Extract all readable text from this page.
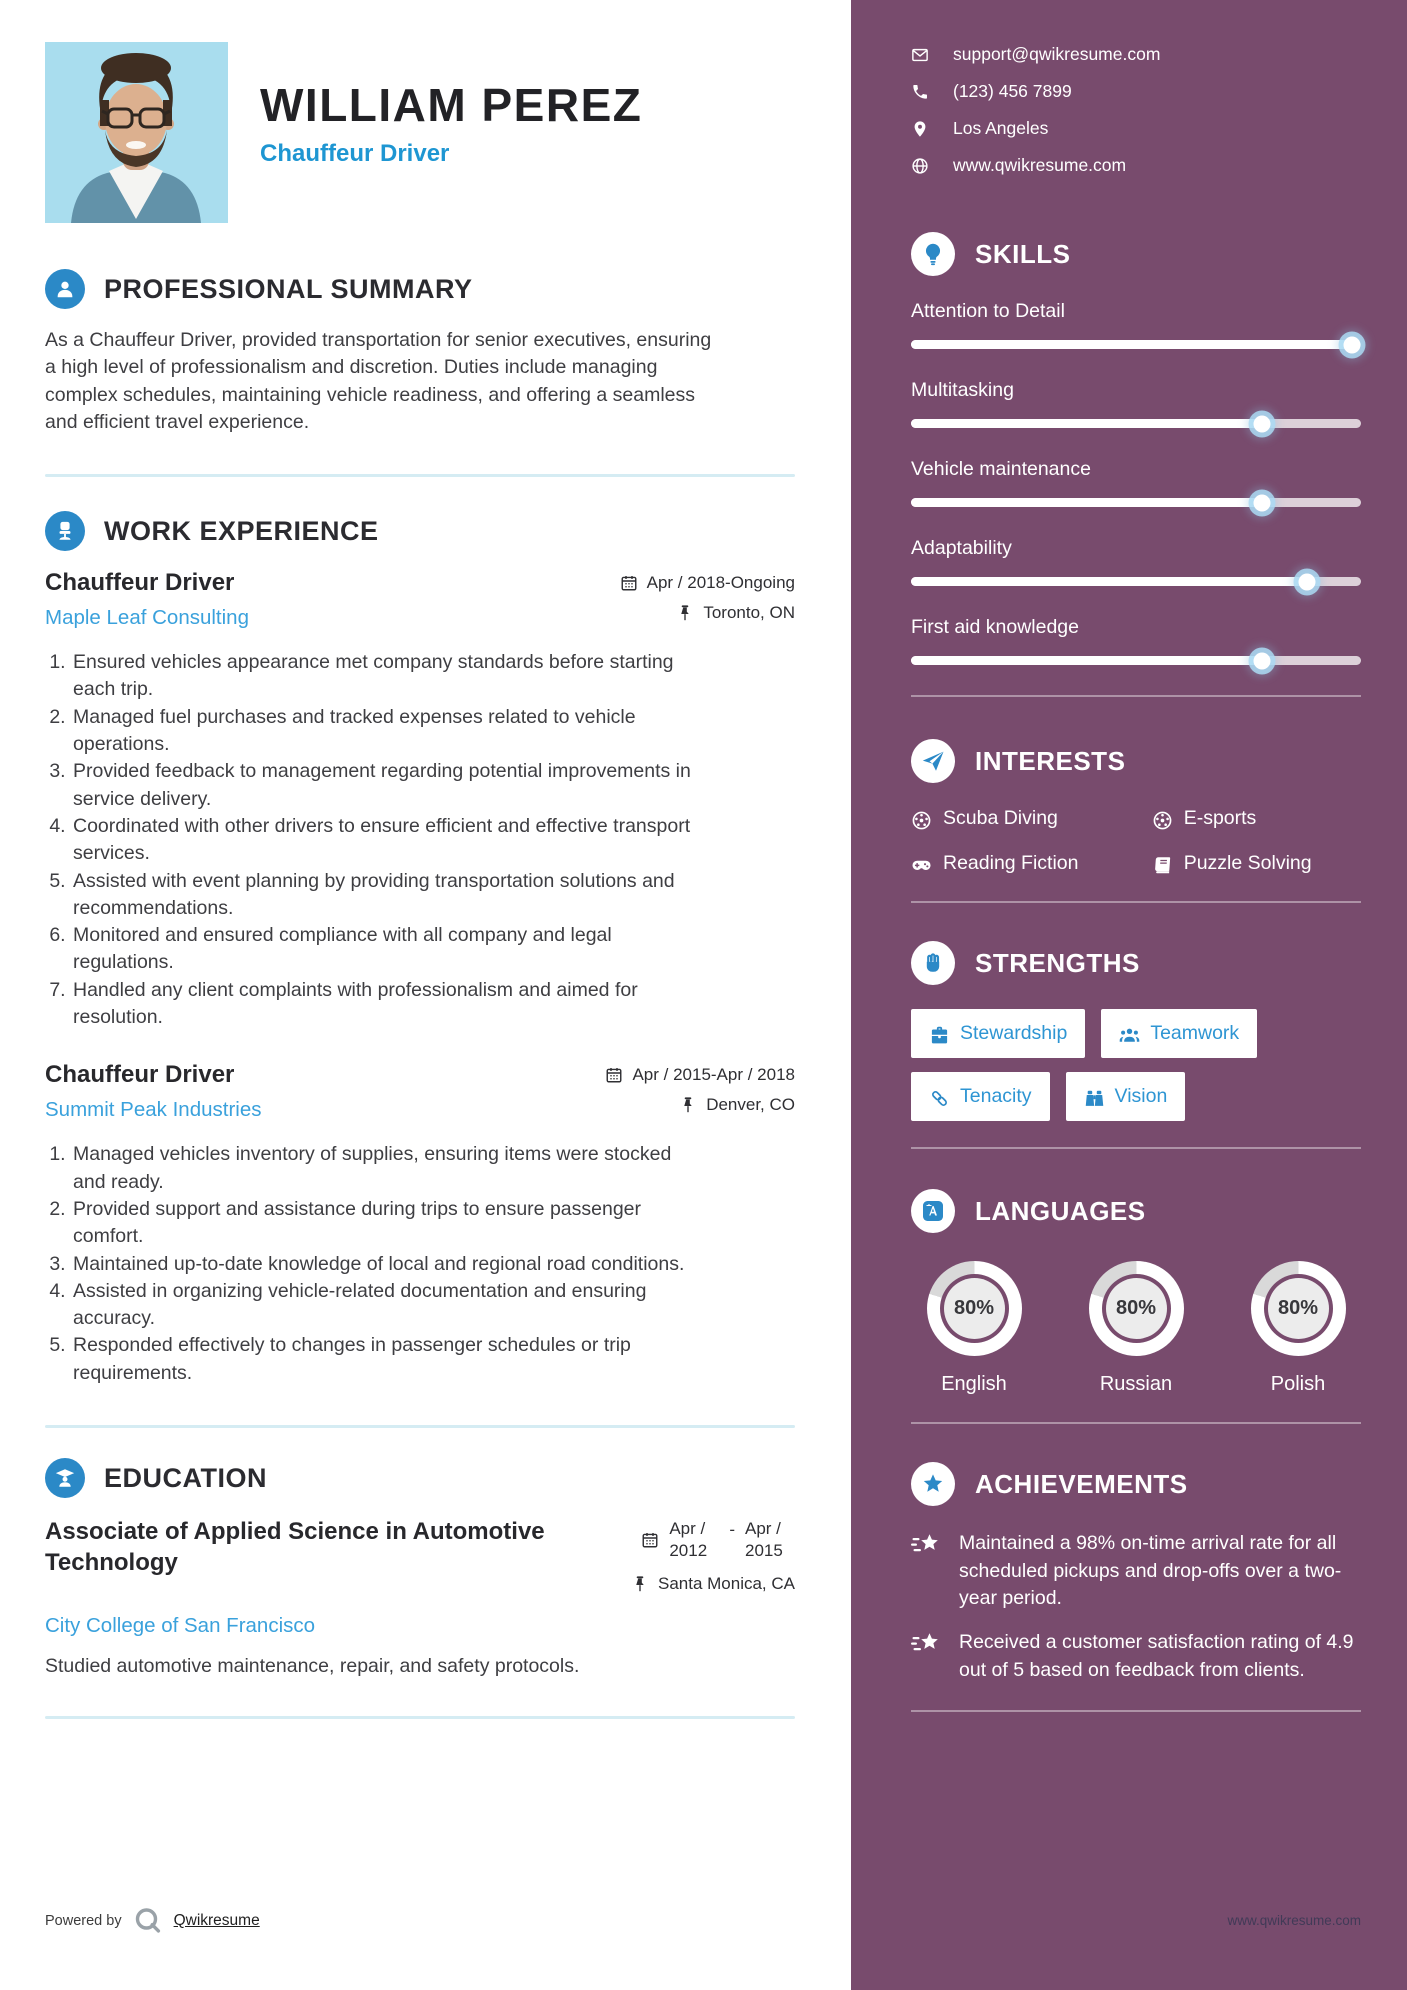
WILLIAM PEREZ
Chauffeur Driver
PROFESSIONAL SUMMARY

As a Chauffeur Driver, provided transportation for senior executives, ensuring a high level of professionalism and discretion. Duties include managing complex schedules, maintaining vehicle readiness, and offering a seamless and efficient travel experience.

WORK EXPERIENCE
Chauffeur Driver
Maple Leaf Consulting
Apr / 2018-Ongoing
Toronto, ON
1. Ensured vehicles appearance met company standards before starting each trip.
2. Managed fuel purchases and tracked expenses related to vehicle operations.
3. Provided feedback to management regarding potential improvements in service delivery.
4. Coordinated with other drivers to ensure efficient and effective transport services.
5. Assisted with event planning by providing transportation solutions and recommendations.
6. Monitored and ensured compliance with all company and legal regulations.
7. Handled any client complaints with professionalism and aimed for resolution.
Chauffeur Driver
Summit Peak Industries
Apr / 2015-Apr / 2018
Denver, CO
1. Managed vehicles inventory of supplies, ensuring items were stocked and ready.
2. Provided support and assistance during trips to ensure passenger comfort.
3. Maintained up-to-date knowledge of local and regional road conditions.
4. Assisted in organizing vehicle-related documentation and ensuring accuracy.
5. Responded effectively to changes in passenger schedules or trip requirements.
EDUCATION
Associate of Applied Science in Automotive Technology
Apr / 2012
- Apr / 2015
Santa Monica, CA
City College of San Francisco
Studied automotive maintenance, repair, and safety protocols.
Powered by	Qwikresume
support@qwikresume.com
(123) 456 7899
Los Angeles
www.qwikresume.com
SKILLS
Attention to Detail
Multitasking
Vehicle maintenance
Adaptability
First aid knowledge
INTERESTS
Scuba Diving	E-sports
Reading Fiction	Puzzle Solving
STRENGTHS
Stewardship	Teamwork
Tenacity	Vision
LANGUAGES
80%
English
80%
Russian
80%
Polish
ACHIEVEMENTS

Maintained a 98% on-time arrival rate for all scheduled pickups and drop-offs over a two-year period.

Received a customer satisfaction rating of 4.9 out of 5 based on feedback from clients.

www.qwikresume.com
